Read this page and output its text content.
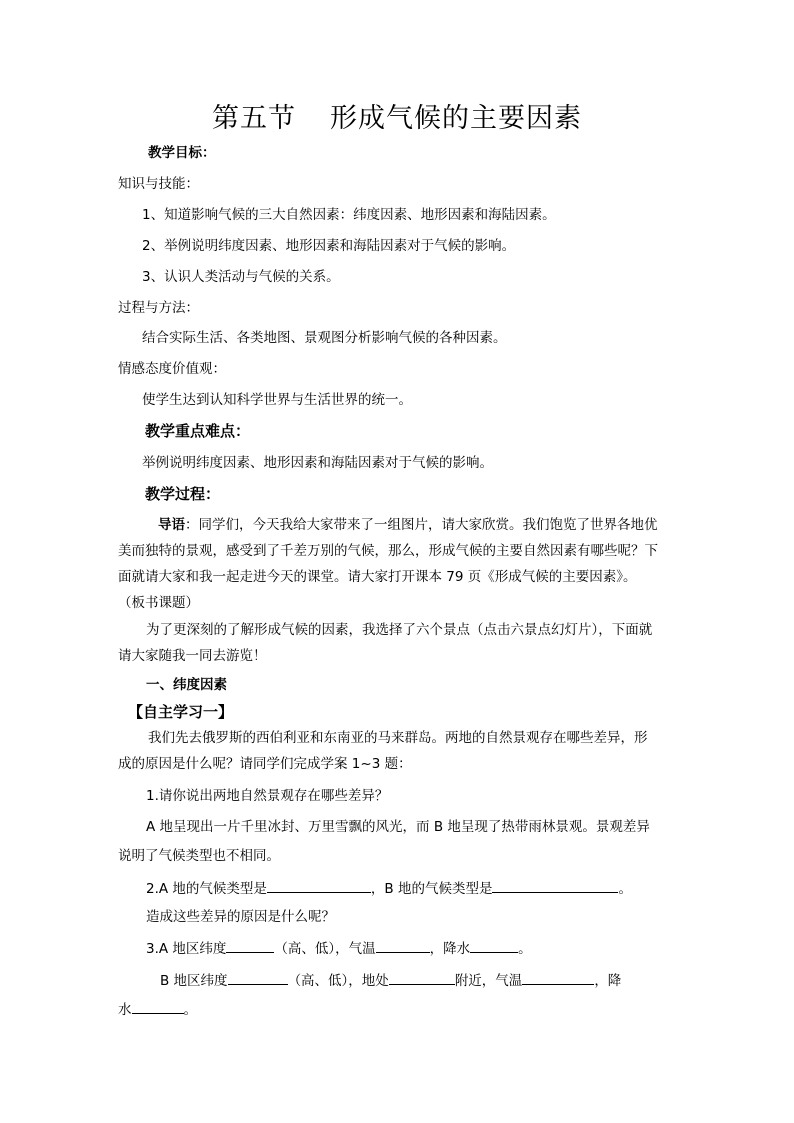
第五节 形成气候的主要因素
教学目标：
知识与技能：
1、知道影响气候的三大自然因素：纬度因素、地形因素和海陆因素。
2、举例说明纬度因素、地形因素和海陆因素对于气候的影响。
3、认识人类活动与气候的关系。
过程与方法：
结合实际生活、各类地图、景观图分析影响气候的各种因素。
情感态度价值观：
使学生达到认知科学世界与生活世界的统一。
教学重点难点：
举例说明纬度因素、地形因素和海陆因素对于气候的影响。
教学过程：
导语：同学们，今天我给大家带来了一组图片，请大家欣赏。我们饱览了世界各地优
美而独特的景观，感受到了千差万别的气候，那么，形成气候的主要自然因素有哪些呢？下
面就请大家和我一起走进今天的课堂。请大家打开课本 79 页《形成气候的主要因素》。
（板书课题）
为了更深刻的了解形成气候的因素，我选择了六个景点（点击六景点幻灯片），下面就
请大家随我一同去游览！
一、纬度因素
【自主学习一】
我们先去俄罗斯的西伯利亚和东南亚的马来群岛。两地的自然景观存在哪些差异，形
成的原因是什么呢？请同学们完成学案 1~3 题：
1.请你说出两地自然景观存在哪些差异？
A 地呈现出一片千里冰封、万里雪飘的风光，而 B 地呈现了热带雨林景观。景观差异
说明了气候类型也不相同。
2.A 地的气候类型是	，B 地的气候类型是	。
造成这些差异的原因是什么呢？
3.A 地区纬度	（高、低），气温	，降水	。
B 地区纬度	（高、低），地处	附近，气温	，降
水	。
